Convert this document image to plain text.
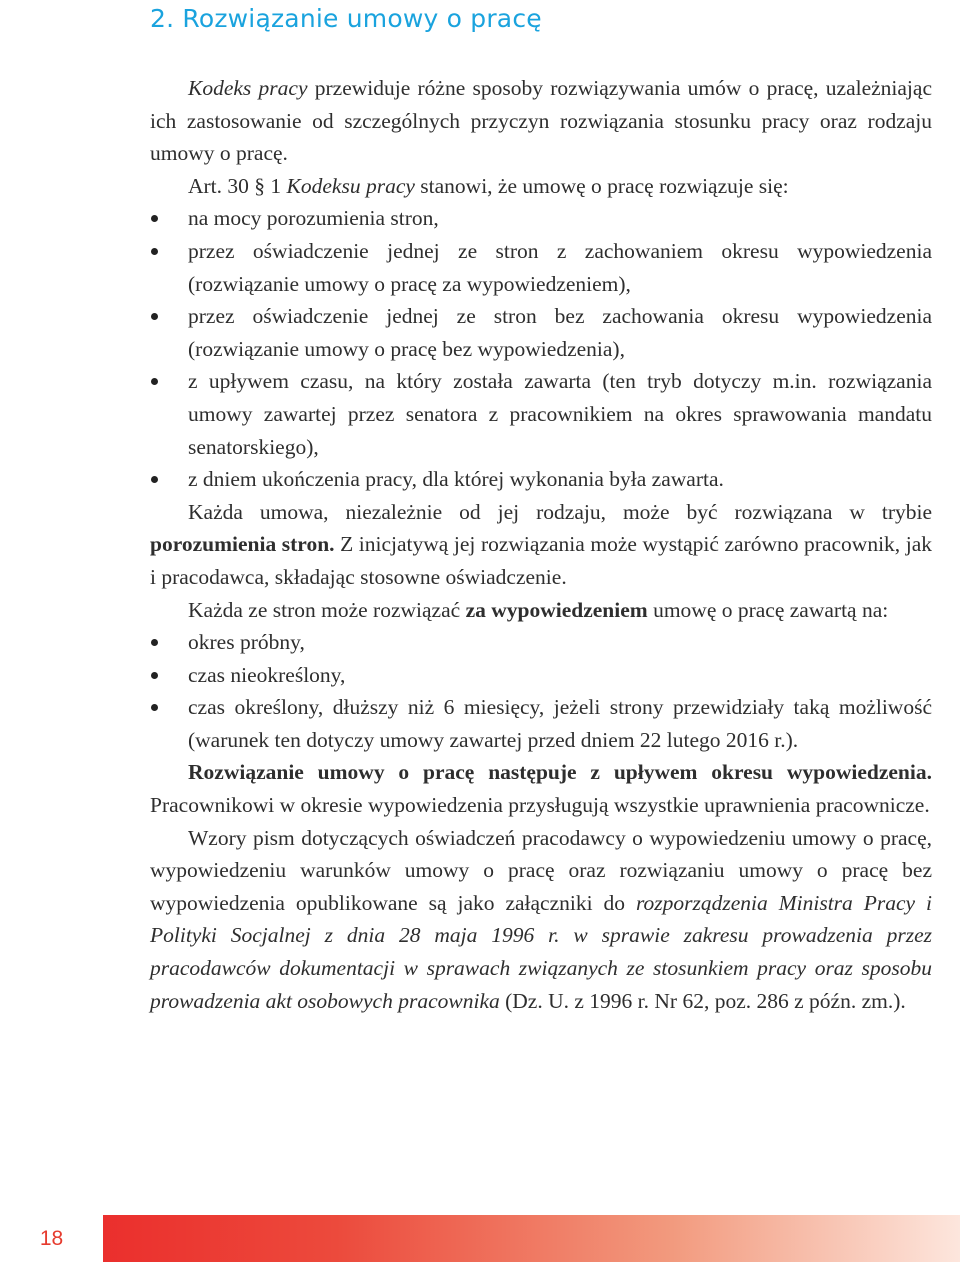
2. Rozwiązanie umowy o pracę

Kodeks pracy przewiduje różne sposoby rozwiązywania umów o pracę, uzależniając ich zastosowanie od szczególnych przyczyn rozwiązania stosunku pracy oraz rodzaju umowy o pracę.

Art. 30 § 1 Kodeksu pracy stanowi, że umowę o pracę rozwiązuje się:

na mocy porozumienia stron,
przez oświadczenie jednej ze stron z zachowaniem okresu wypowiedzenia (rozwiązanie umowy o pracę za wypowiedzeniem),
przez oświadczenie jednej ze stron bez zachowania okresu wypowiedzenia (rozwiązanie umowy o pracę bez wypowiedzenia),
z upływem czasu, na który została zawarta (ten tryb dotyczy m.in. rozwiązania umowy zawartej przez senatora z pracownikiem na okres sprawowania mandatu senatorskiego),
z dniem ukończenia pracy, dla której wykonania była zawarta.

Każda umowa, niezależnie od jej rodzaju, może być rozwiązana w trybie porozumienia stron. Z inicjatywą jej rozwiązania może wystąpić zarówno pracownik, jak i pracodawca, składając stosowne oświadczenie.

Każda ze stron może rozwiązać za wypowiedzeniem umowę o pracę zawartą na:

okres próbny,
czas nieokreślony,
czas określony, dłuższy niż 6 miesięcy, jeżeli strony przewidziały taką możliwość (warunek ten dotyczy umowy zawartej przed dniem 22 lutego 2016 r.).

Rozwiązanie umowy o pracę następuje z upływem okresu wypowiedzenia. Pracownikowi w okresie wypowiedzenia przysługują wszystkie uprawnienia pracownicze.

Wzory pism dotyczących oświadczeń pracodawcy o wypowiedzeniu umowy o pracę, wypowiedzeniu warunków umowy o pracę oraz rozwiązaniu umowy o pracę bez wypowiedzenia opublikowane są jako załączniki do rozporządzenia Ministra Pracy i Polityki Socjalnej z dnia 28 maja 1996 r. w sprawie zakresu prowadzenia przez pracodawców dokumentacji w sprawach związanych ze stosunkiem pracy oraz sposobu prowadzenia akt osobowych pracownika (Dz. U. z 1996 r. Nr 62, poz. 286 z późn. zm.).

18
